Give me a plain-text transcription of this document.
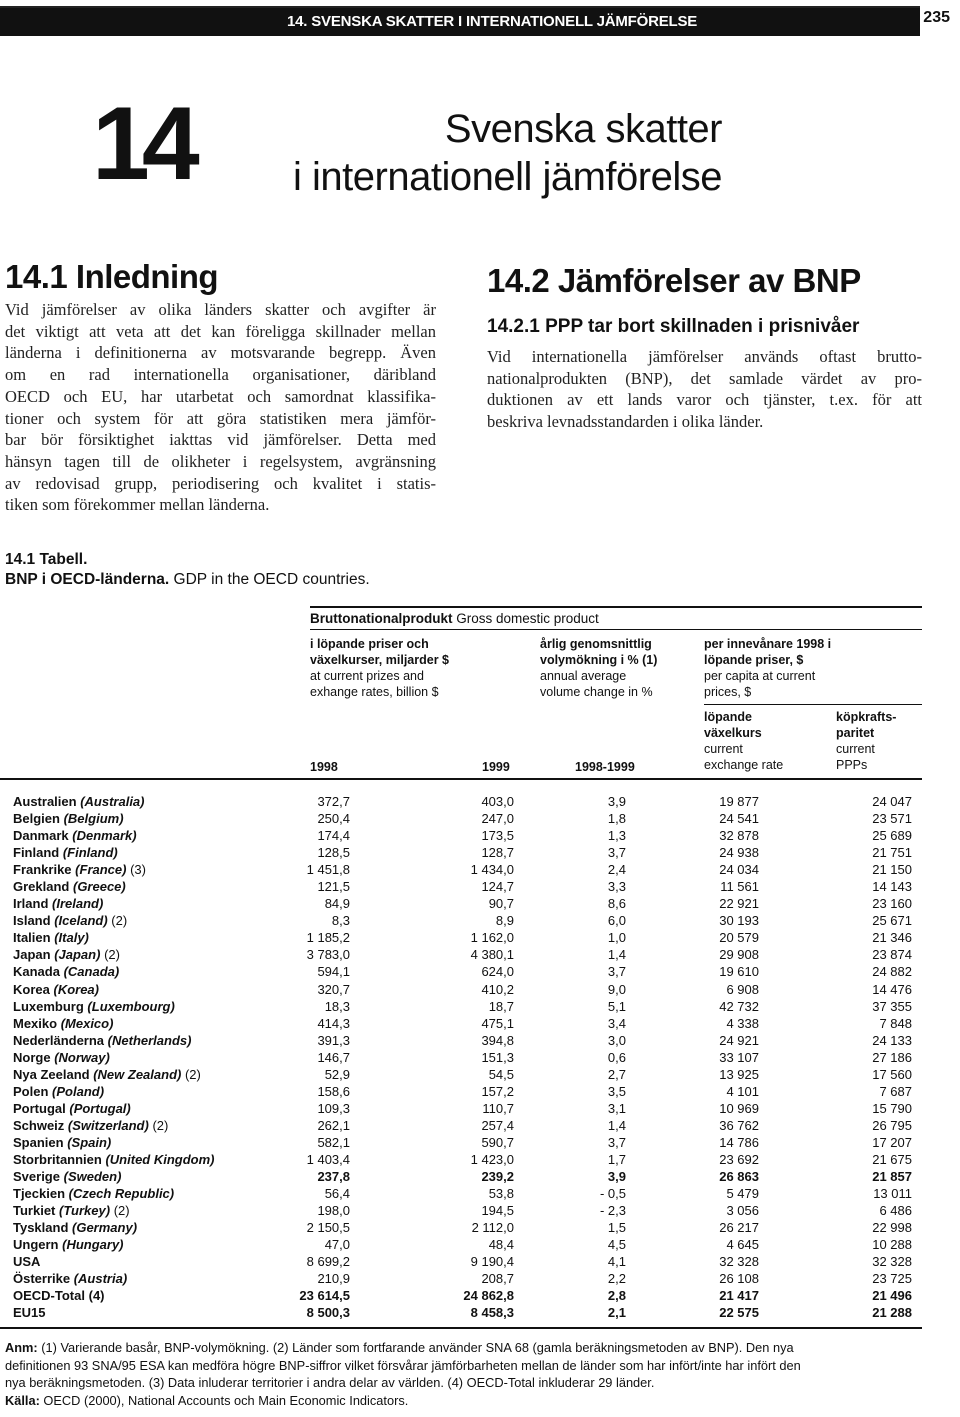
14. SVENSKA SKATTER I INTERNATIONELL JÄMFÖRELSE	235
14	Svenska skatter
i internationell jämförelse
14.1 Inledning
Vid jämförelser av olika länders skatter och avgifter är
det viktigt att veta att det kan föreligga skillnader mellan
länderna i definitionerna av motsvarande begrepp. Även
om en rad internationella organisationer, däribland
OECD och EU, har utarbetat och samordnat klassifika-
tioner och system för att göra statistiken mera jämför-
bar bör försiktighet iakttas vid jämförelser. Detta med
hänsyn tagen till de olikheter i regelsystem, avgränsning
av redovisad grupp, periodisering och kvalitet i statis-
tiken som förekommer mellan länderna.
14.2 Jämförelser av BNP
14.2.1 PPP tar bort skillnaden i prisnivåer
Vid internationella jämförelser används oftast brutto-
nationalprodukten (BNP), det samlade värdet av pro-
duktionen av ett lands varor och tjänster, t.ex. för att
beskriva levnadsstandarden i olika länder.
14.1 Tabell.
BNP i OECD-länderna. GDP in the OECD countries.
Bruttonationalprodukt Gross domestic product
i löpande priser och
växelkurser, miljarder $
at current prizes and
exhange rates, billion $
årlig genomsnittlig
volymökning i % (1)
annual average
volume change in %
per innevånare 1998 i
löpande priser, $
per capita at current
prices, $
löpande
växelkurs
current
exchange rate
köpkrafts-
paritet
current
PPPs
1998	1999	1998-1999
Australien (Australia)	372,7	403,0	3,9	19 877	24 047
Belgien (Belgium)	250,4	247,0	1,8	24 541	23 571
Danmark (Denmark)	174,4	173,5	1,3	32 878	25 689
Finland (Finland)	128,5	128,7	3,7	24 938	21 751
Frankrike (France) (3)	1 451,8	1 434,0	2,4	24 034	21 150
Grekland (Greece)	121,5	124,7	3,3	11 561	14 143
Irland (Ireland)	84,9	90,7	8,6	22 921	23 160
Island (Iceland) (2)	8,3	8,9	6,0	30 193	25 671
Italien (Italy)	1 185,2	1 162,0	1,0	20 579	21 346
Japan (Japan) (2)	3 783,0	4 380,1	1,4	29 908	23 874
Kanada (Canada)	594,1	624,0	3,7	19 610	24 882
Korea (Korea)	320,7	410,2	9,0	6 908	14 476
Luxemburg (Luxembourg)	18,3	18,7	5,1	42 732	37 355
Mexiko (Mexico)	414,3	475,1	3,4	4 338	7 848
Nederländerna (Netherlands)	391,3	394,8	3,0	24 921	24 133
Norge (Norway)	146,7	151,3	0,6	33 107	27 186
Nya Zeeland (New Zealand) (2)	52,9	54,5	2,7	13 925	17 560
Polen (Poland)	158,6	157,2	3,5	4 101	7 687
Portugal (Portugal)	109,3	110,7	3,1	10 969	15 790
Schweiz (Switzerland) (2)	262,1	257,4	1,4	36 762	26 795
Spanien (Spain)	582,1	590,7	3,7	14 786	17 207
Storbritannien (United Kingdom)	1 403,4	1 423,0	1,7	23 692	21 675
Sverige (Sweden)	237,8	239,2	3,9	26 863	21 857
Tjeckien (Czech Republic)	56,4	53,8	- 0,5	5 479	13 011
Turkiet (Turkey) (2)	198,0	194,5	- 2,3	3 056	6 486
Tyskland (Germany)	2 150,5	2 112,0	1,5	26 217	22 998
Ungern (Hungary)	47,0	48,4	4,5	4 645	10 288
USA	8 699,2	9 190,4	4,1	32 328	32 328
Österrike (Austria)	210,9	208,7	2,2	26 108	23 725
OECD-Total (4)	23 614,5	24 862,8	2,8	21 417	21 496
EU15	8 500,3	8 458,3	2,1	22 575	21 288
Anm: (1) Varierande basår, BNP-volymökning. (2) Länder som fortfarande använder SNA 68 (gamla beräkningsmetoden av BNP). Den nya
definitionen 93 SNA/95 ESA kan medföra högre BNP-siffror vilket försvårar jämförbarheten mellan de länder som har infört/inte har infört den
nya beräkningsmetoden. (3) Data inluderar territorier i andra delar av världen. (4) OECD-Total inkluderar 29 länder.
Källa: OECD (2000), National Accounts och Main Economic Indicators.
